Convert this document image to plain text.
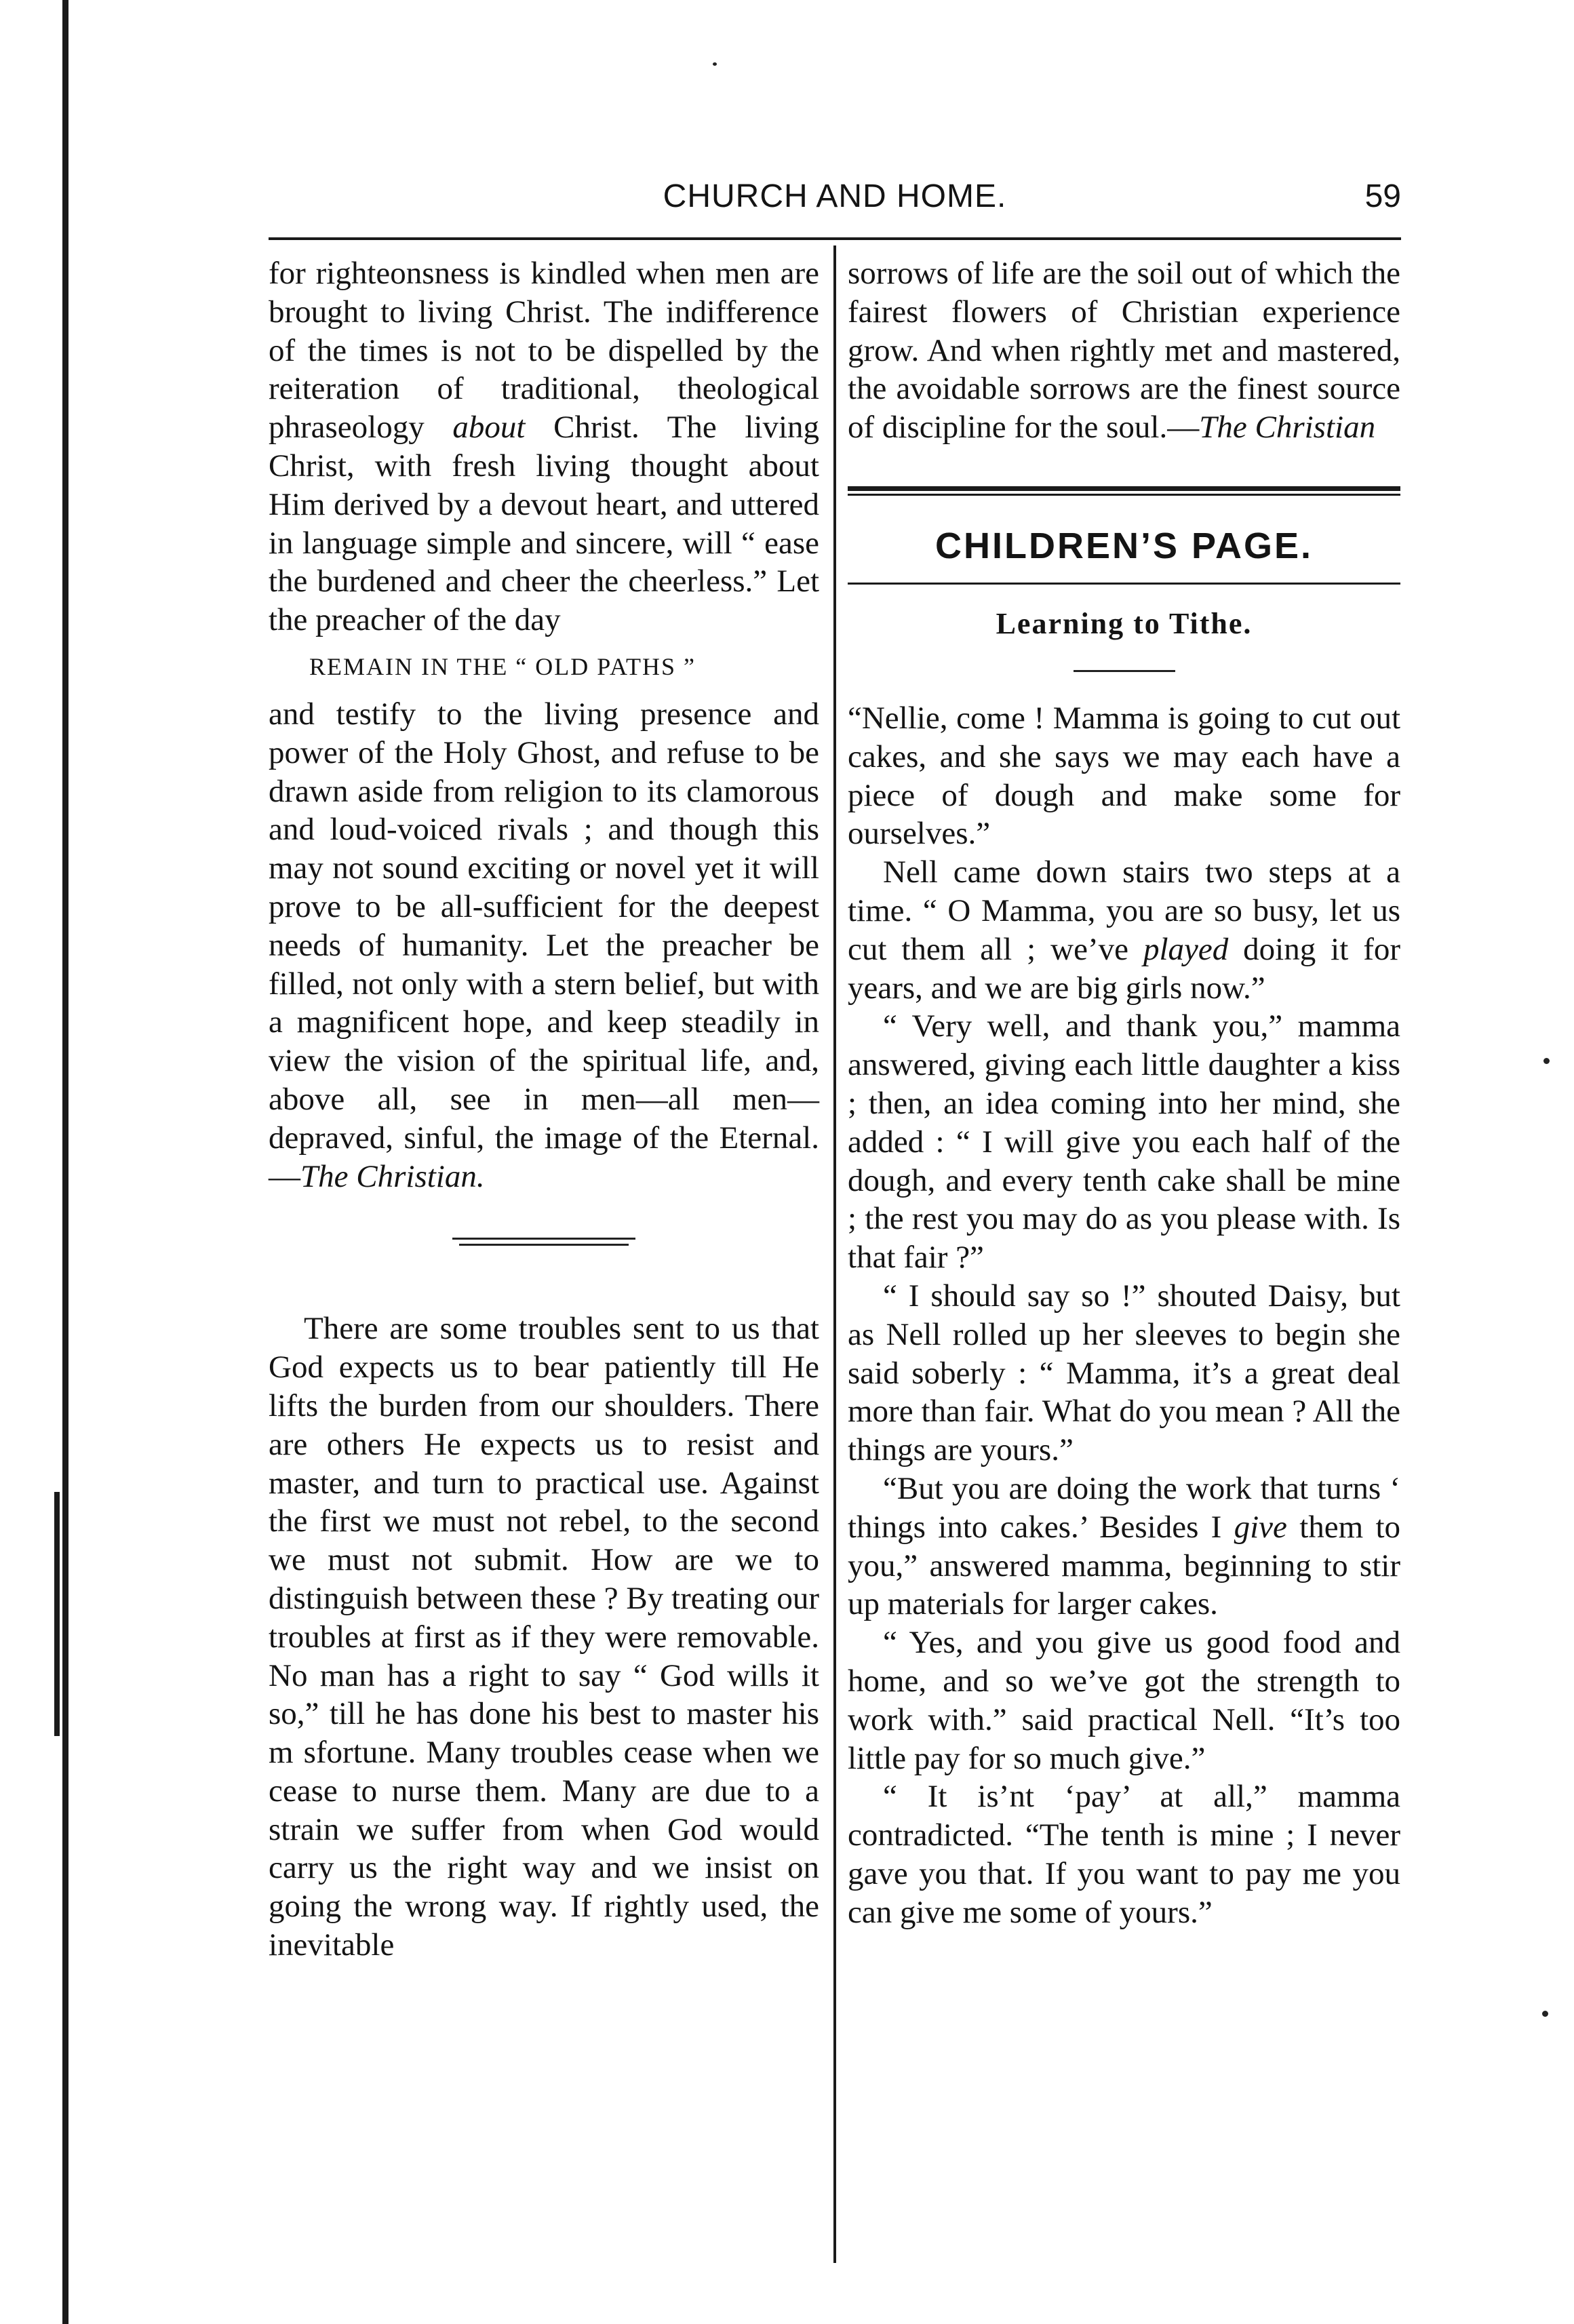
CHURCH AND HOME.	59

for righteonsness is kindled when men are brought to living Christ. The indifference of the times is not to be dispelled by the reiteration of traditional, theological phraseology about Christ. The living Christ, with fresh living thought about Him derived by a devout heart, and uttered in language simple and sincere, will “ ease the burdened and cheer the cheerless.” Let the preacher of the day

REMAIN IN THE “ OLD PATHS ”

and testify to the living presence and power of the Holy Ghost, and refuse to be drawn aside from religion to its clamorous and loud-voiced rivals ; and though this may not sound exciting or novel yet it will prove to be all-sufficient for the deepest needs of humanity. Let the preacher be filled, not only with a stern belief, but with a magnificent hope, and keep steadily in view the vision of the spiritual life, and, above all, see in men—all men—depraved, sinful, the image of the Eternal.—The Christian.

There are some troubles sent to us that God expects us to bear patiently till He lifts the burden from our shoulders. There are others He expects us to resist and master, and turn to practical use. Against the first we must not rebel, to the second we must not submit. How are we to distinguish between these ? By treating our troubles at first as if they were removable. No man has a right to say “ God wills it so,” till he has done his best to master his m sfortune. Many troubles cease when we cease to nurse them. Many are due to a strain we suffer from when God would carry us the right way and we insist on going the wrong way. If rightly used, the inevitable

sorrows of life are the soil out of which the fairest flowers of Christian experience grow. And when rightly met and mastered, the avoidable sorrows are the finest source of discipline for the soul.—The Christian

CHILDREN’S PAGE.
Learning to Tithe.

“Nellie, come ! Mamma is going to cut out cakes, and she says we may each have a piece of dough and make some for ourselves.”

Nell came down stairs two steps at a time. “ O Mamma, you are so busy, let us cut them all ; we’ve played doing it for years, and we are big girls now.”

“ Very well, and thank you,” mamma answered, giving each little daughter a kiss ; then, an idea coming into her mind, she added : “ I will give you each half of the dough, and every tenth cake shall be mine ; the rest you may do as you please with. Is that fair ?”

“ I should say so !” shouted Daisy, but as Nell rolled up her sleeves to begin she said soberly : “ Mamma, it’s a great deal more than fair. What do you mean ? All the things are yours.”

“But you are doing the work that turns ‘ things into cakes.’ Besides I give them to you,” answered mamma, beginning to stir up materials for larger cakes.

“ Yes, and you give us good food and home, and so we’ve got the strength to work with.” said practical Nell. “It’s too little pay for so much give.”

“ It is’nt ‘pay’ at all,” mamma contradicted. “The tenth is mine ; I never gave you that. If you want to pay me you can give me some of yours.”
